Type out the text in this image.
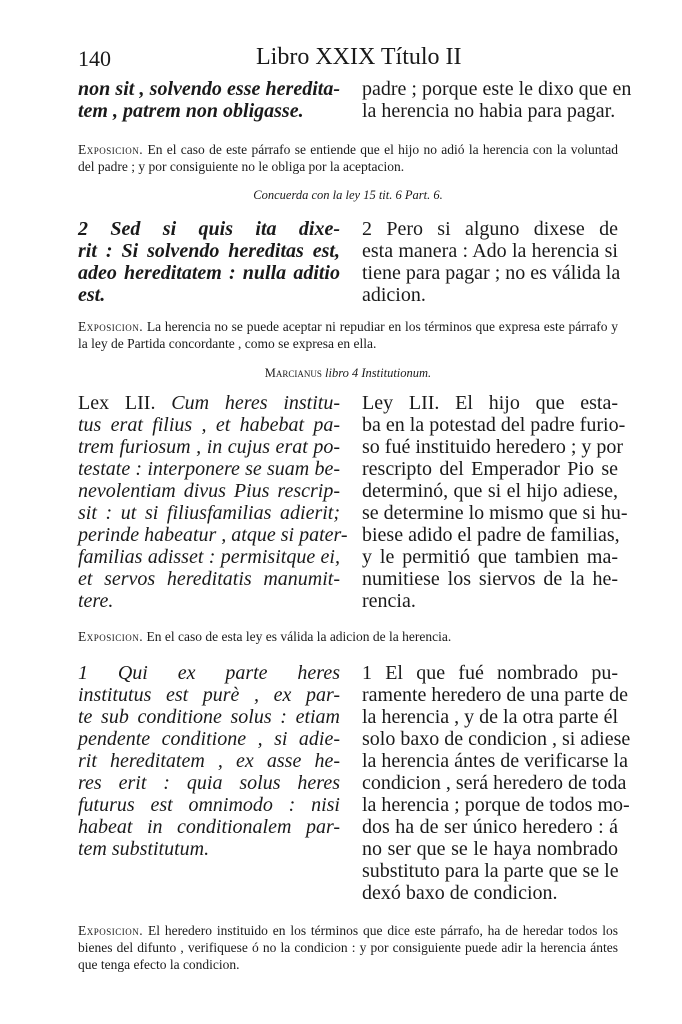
140	Libro XXIX Título II
non sit , solvendo esse heredita-
tem , patrem non obligasse.
padre ; porque este le dixo que en
la herencia no habia para pagar.
Exposicion. En el caso de este párrafo se entiende que el hijo no adió la herencia con la voluntad del padre ; y por consiguiente no le obliga por la aceptacion.
Concuerda con la ley 15 tit. 6 Part. 6.
2 Sed si quis ita dixe-
rit : Si solvendo hereditas est,
adeo hereditatem : nulla aditio
est.
2 Pero si alguno dixese de
esta manera : Ado la herencia si
tiene para pagar ; no es válida la
adicion.
Exposicion. La herencia no se puede aceptar ni repudiar en los términos que expresa este párrafo y la ley de Partida concordante , como se expresa en ella.
Marcianus libro 4 Institutionum.
Lex LII. Cum heres institu-
tus erat filius , et habebat pa-
trem furiosum , in cujus erat po-
testate : interponere se suam be-
nevolentiam divus Pius rescrip-
sit : ut si filiusfamilias adierit;
perinde habeatur , atque si pater-
familias adisset : permisitque ei,
et servos hereditatis manumit-
tere.
Ley LII. El hijo que esta-
ba en la potestad del padre furio-
so fué instituido heredero ; y por
rescripto del Emperador Pio se
determinó, que si el hijo adiese,
se determine lo mismo que si hu-
biese adido el padre de familias,
y le permitió que tambien ma-
numitiese los siervos de la he-
rencia.
Exposicion. En el caso de esta ley es válida la adicion de la herencia.
1 Qui ex parte heres
institutus est purè , ex par-
te sub conditione solus : etiam
pendente conditione , si adie-
rit hereditatem , ex asse he-
res erit : quia solus heres
futurus est omnimodo : nisi
habeat in conditionalem par-
tem substitutum.
1 El que fué nombrado pu-
ramente heredero de una parte de
la herencia , y de la otra parte él
solo baxo de condicion , si adiese
la herencia ántes de verificarse la
condicion , será heredero de toda
la herencia ; porque de todos mo-
dos ha de ser único heredero : á
no ser que se le haya nombrado
substituto para la parte que se le
dexó baxo de condicion.
Exposicion. El heredero instituido en los términos que dice este párrafo, ha de heredar todos los bienes del difunto , verifiquese ó no la condicion : y por consiguiente puede adir la herencia ántes que tenga efecto la condicion.
